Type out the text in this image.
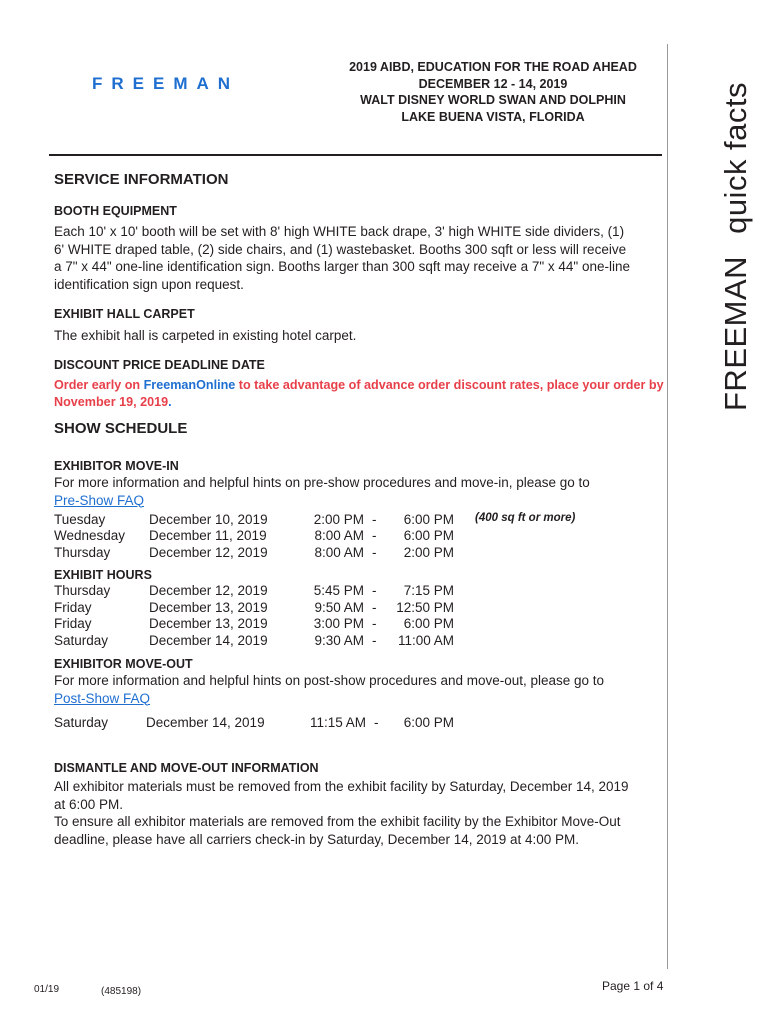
FREEMAN
2019 AIBD, EDUCATION FOR THE ROAD AHEAD
DECEMBER 12 - 14, 2019
WALT DISNEY WORLD SWAN AND DOLPHIN
LAKE BUENA VISTA, FLORIDA
FREEMANquick facts
SERVICE INFORMATION
BOOTH EQUIPMENT
Each 10' x 10' booth will be set with 8' high WHITE back drape, 3' high WHITE side dividers, (1)
6' WHITE draped table, (2) side chairs, and (1) wastebasket. Booths 300 sqft or less will receive
a 7" x 44" one-line identification sign. Booths larger than 300 sqft may receive a 7" x 44" one-line
identification sign upon request.
EXHIBIT HALL CARPET
The exhibit hall is carpeted in existing hotel carpet.
DISCOUNT PRICE DEADLINE DATE
Order early on FreemanOnline to take advantage of advance order discount rates, place your order by
November 19, 2019.
SHOW SCHEDULE
EXHIBITOR MOVE-IN
For more information and helpful hints on pre-show procedures and move-in, please go to
Pre-Show FAQ
Tuesday	December 10, 2019	2:00 PM -	6:00 PM (400 sq ft or more)
Wednesday December 11, 2019	8:00 AM -	6:00 PM
Thursday	December 12, 2019	8:00 AM -	2:00 PM
EXHIBIT HOURS
Thursday	December 12, 2019	5:45 PM -	7:15 PM
Friday	December 13, 2019	9:50 AM -	12:50 PM
Friday	December 13, 2019	3:00 PM -	6:00 PM
Saturday	December 14, 2019	9:30 AM -	11:00 AM
EXHIBITOR MOVE-OUT
For more information and helpful hints on post-show procedures and move-out, please go to
Post-Show FAQ
Saturday	December 14, 2019	11:15 AM -	6:00 PM
DISMANTLE AND MOVE-OUT INFORMATION
All exhibitor materials must be removed from the exhibit facility by Saturday, December 14, 2019
at 6:00 PM.
To ensure all exhibitor materials are removed from the exhibit facility by the Exhibitor Move-Out
deadline, please have all carriers check-in by Saturday, December 14, 2019 at 4:00 PM.
01/19	(485198)	Page 1 of 4
